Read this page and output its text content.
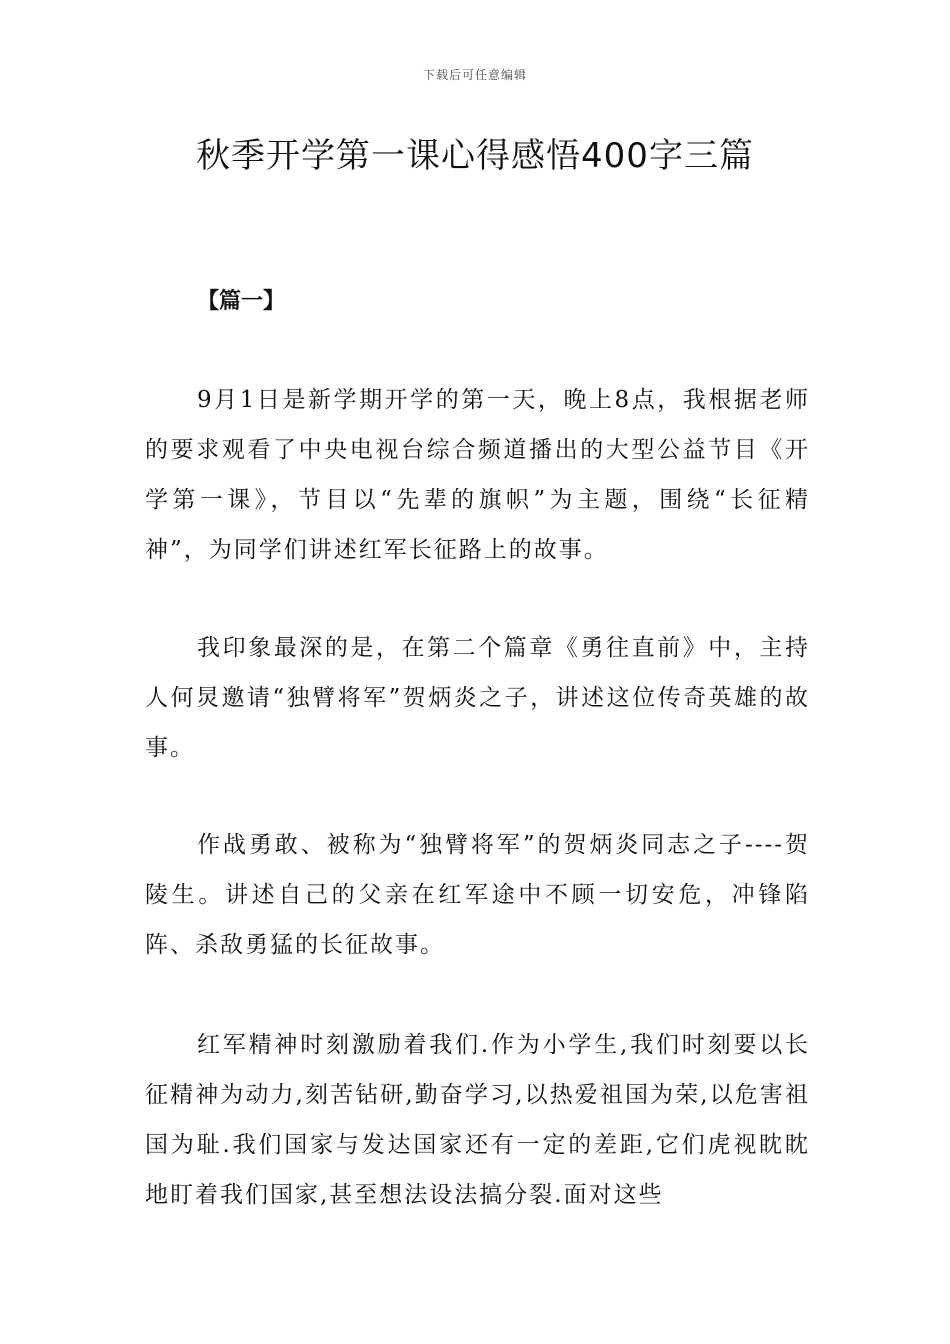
下载后可任意编辑
秋季开学第一课心得感悟400字三篇
【篇一】

9月1日是新学期开学的第一天，晚上8点，我根据老师的要求观看了中央电视台综合频道播出的大型公益节目《开学第一课》，节目以“先辈的旗帜”为主题，围绕“长征精神”，为同学们讲述红军长征路上的故事。

我印象最深的是，在第二个篇章《勇往直前》中，主持人何炅邀请“独臂将军”贺炳炎之子，讲述这位传奇英雄的故事。

作战勇敢、被称为“独臂将军”的贺炳炎同志之子----贺陵生。讲述自己的父亲在红军途中不顾一切安危，冲锋陷阵、杀敌勇猛的长征故事。

红军精神时刻激励着我们.作为小学生,我们时刻要以长征精神为动力,刻苦钻研,勤奋学习,以热爱祖国为荣,以危害祖国为耻.我们国家与发达国家还有一定的差距,它们虎视眈眈地盯着我们国家,甚至想法设法搞分裂.面对这些
